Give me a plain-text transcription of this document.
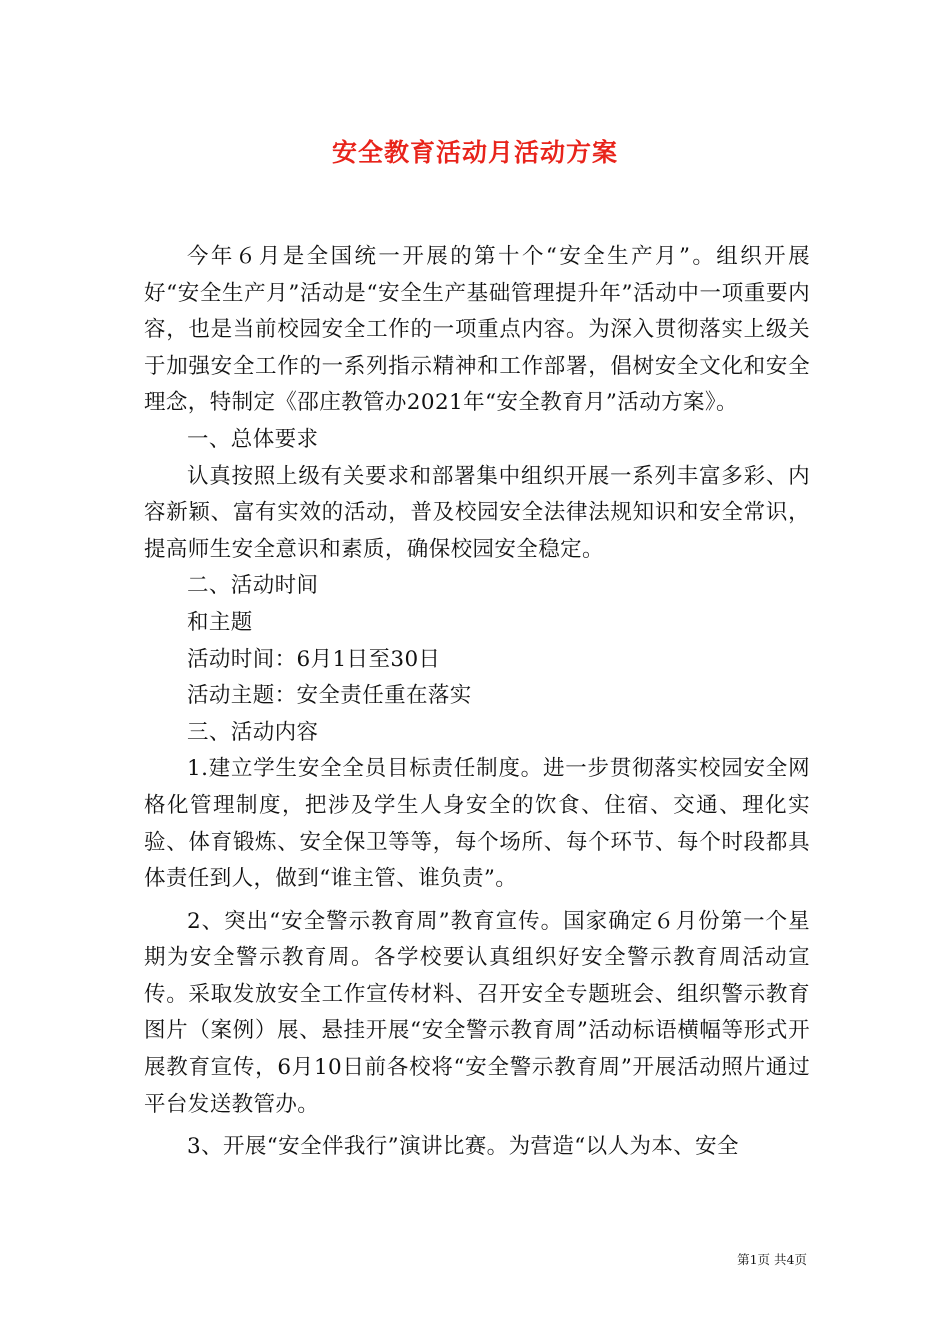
安全教育活动月活动方案

今年６月是全国统一开展的第十个“安全生产月”。组织开展好“安全生产月”活动是“安全生产基础管理提升年”活动中一项重要内容，也是当前校园安全工作的一项重点内容。为深入贯彻落实上级关于加强安全工作的一系列指示精神和工作部署，倡树安全文化和安全理念，特制定《邵庄教管办2021年“安全教育月”活动方案》。

一、总体要求

认真按照上级有关要求和部署集中组织开展一系列丰富多彩、内容新颖、富有实效的活动，普及校园安全法律法规知识和安全常识，提高师生安全意识和素质，确保校园安全稳定。

二、活动时间

和主题

活动时间：6月1日至30日

活动主题：安全责任重在落实

三、活动内容

1.建立学生安全全员目标责任制度。进一步贯彻落实校园安全网格化管理制度，把涉及学生人身安全的饮食、住宿、交通、理化实验、体育锻炼、安全保卫等等，每个场所、每个环节、每个时段都具体责任到人，做到“谁主管、谁负责”。

2、突出“安全警示教育周”教育宣传。国家确定６月份第一个星期为安全警示教育周。各学校要认真组织好安全警示教育周活动宣传。采取发放安全工作宣传材料、召开安全专题班会、组织警示教育图片（案例）展、悬挂开展“安全警示教育周”活动标语横幅等形式开展教育宣传，6月10日前各校将“安全警示教育周”开展活动照片通过平台发送教管办。

3、开展“安全伴我行”演讲比赛。为营造“以人为本、安全

第1页 共4页
